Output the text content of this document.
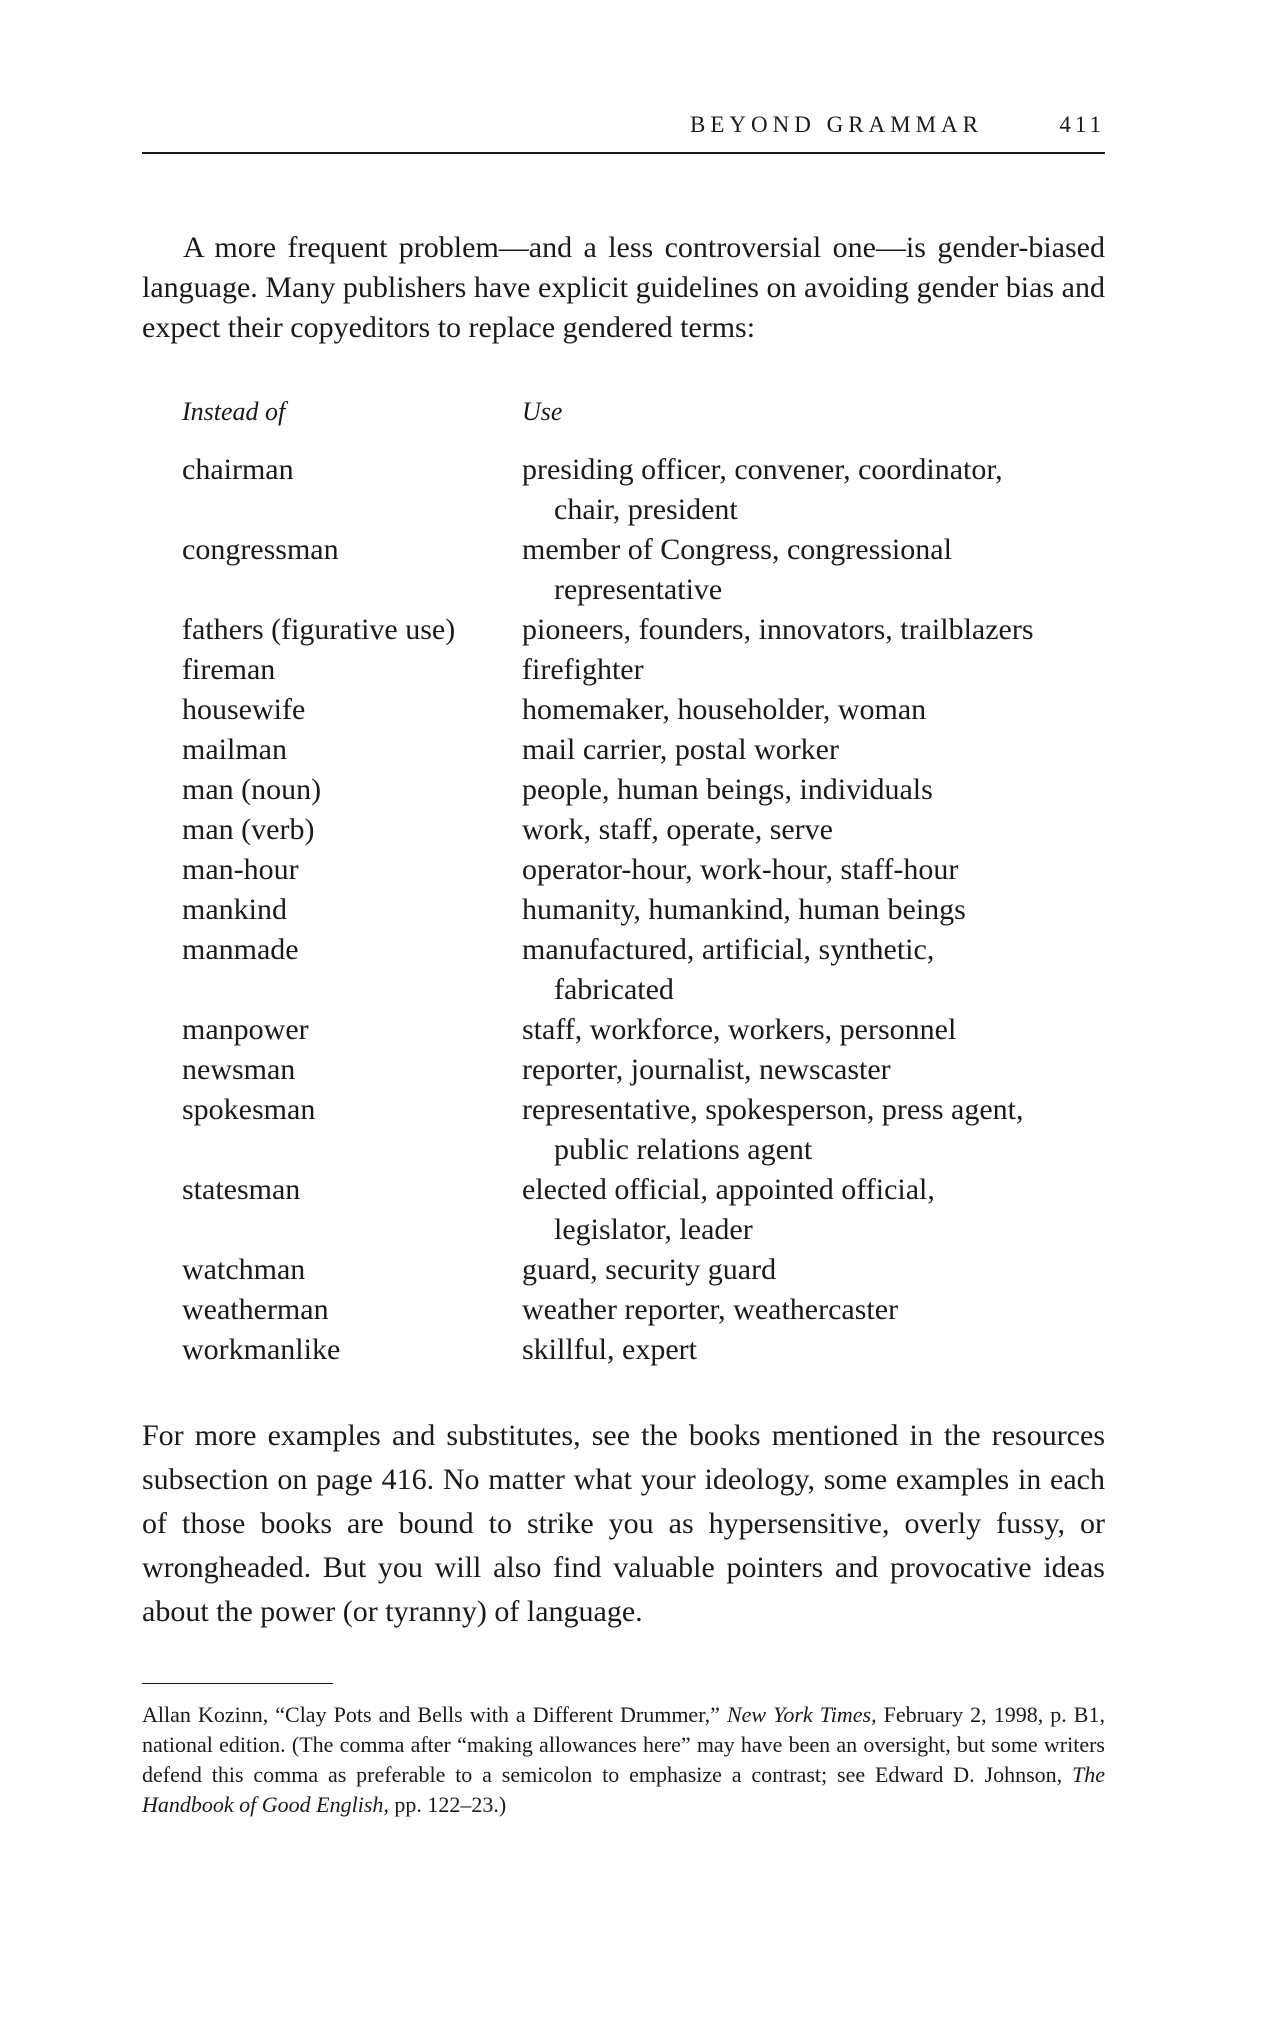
BEYOND GRAMMAR	411

A more frequent problem—and a less controversial one—is gender-biased language. Many publishers have explicit guidelines on avoiding gender bias and expect their copyeditors to replace gendered terms:

Instead of	Use
chairman	presiding officer, convener, coordinator,
chair, president
congressman	member of Congress, congressional
representative
fathers (figurative use)	pioneers, founders, innovators, trailblazers
fireman	firefighter
housewife	homemaker, householder, woman
mailman	mail carrier, postal worker
man (noun)	people, human beings, individuals
man (verb)	work, staff, operate, serve
man-hour	operator-hour, work-hour, staff-hour
mankind	humanity, humankind, human beings
manmade	manufactured, artificial, synthetic,
fabricated
manpower	staff, workforce, workers, personnel
newsman	reporter, journalist, newscaster
spokesman	representative, spokesperson, press agent,
public relations agent
statesman	elected official, appointed official,
legislator, leader
watchman	guard, security guard
weatherman	weather reporter, weathercaster
workmanlike	skillful, expert

For more examples and substitutes, see the books mentioned in the resources subsection on page 416. No matter what your ideology, some examples in each of those books are bound to strike you as hypersensitive, overly fussy, or wrongheaded. But you will also find valuable pointers and provocative ideas about the power (or tyranny) of language.

Allan Kozinn, “Clay Pots and Bells with a Different Drummer,” New York Times, February 2, 1998, p. B1, national edition. (The comma after “making allowances here” may have been an oversight, but some writers defend this comma as preferable to a semicolon to emphasize a contrast; see Edward D. Johnson, The Handbook of Good English, pp. 122–23.)
